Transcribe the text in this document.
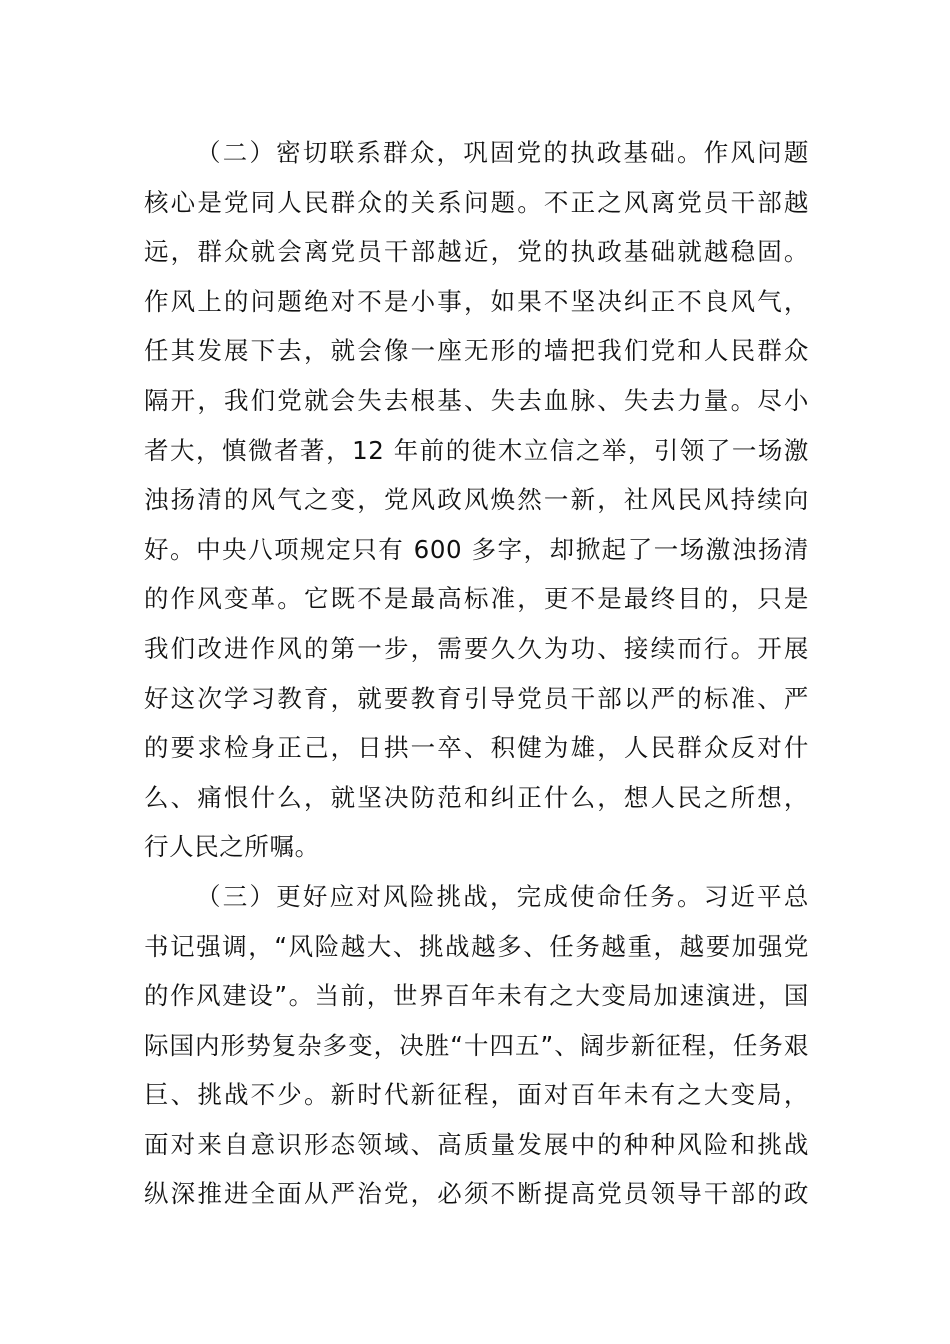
（二）密切联系群众，巩固党的执政基础。作风问题
核心是党同人民群众的关系问题。不正之风离党员干部越
远，群众就会离党员干部越近，党的执政基础就越稳固。
作风上的问题绝对不是小事，如果不坚决纠正不良风气，
任其发展下去，就会像一座无形的墙把我们党和人民群众
隔开，我们党就会失去根基、失去血脉、失去力量。尽小
者大，慎微者著，12 年前的徙木立信之举，引领了一场激
浊扬清的风气之变，党风政风焕然一新，社风民风持续向
好。中央八项规定只有 600 多字，却掀起了一场激浊扬清
的作风变革。它既不是最高标准，更不是最终目的，只是
我们改进作风的第一步，需要久久为功、接续而行。开展
好这次学习教育，就要教育引导党员干部以严的标准、严
的要求检身正己，日拱一卒、积健为雄，人民群众反对什
么、痛恨什么，就坚决防范和纠正什么，想人民之所想，
行人民之所嘱。
（三）更好应对风险挑战，完成使命任务。习近平总
书记强调，“风险越大、挑战越多、任务越重，越要加强党
的作风建设”。当前，世界百年未有之大变局加速演进，国
际国内形势复杂多变，决胜“十四五”、阔步新征程，任务艰
巨、挑战不少。新时代新征程，面对百年未有之大变局，
面对来自意识形态领域、高质量发展中的种种风险和挑战
纵深推进全面从严治党，必须不断提高党员领导干部的政
